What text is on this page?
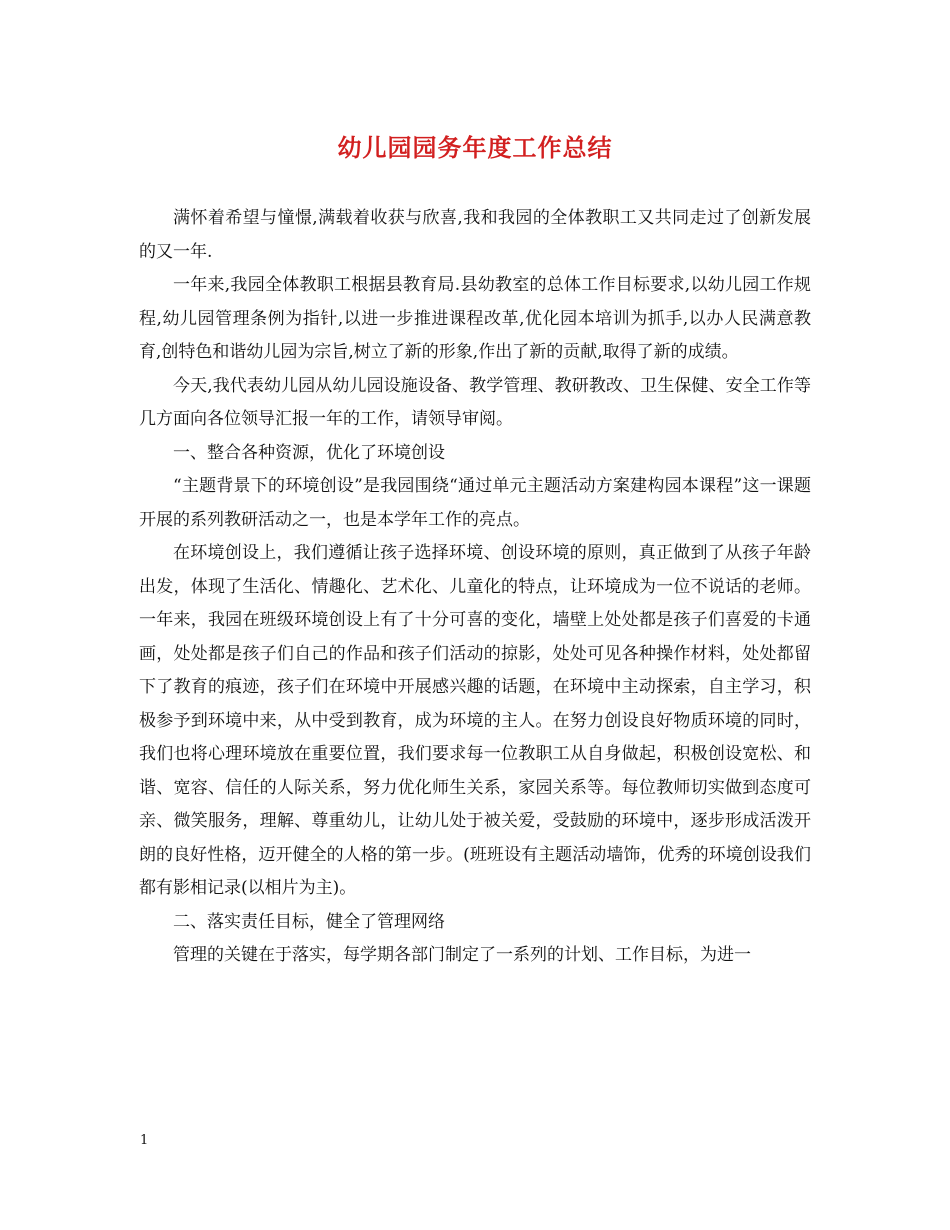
幼儿园园务年度工作总结

满怀着希望与憧憬,满载着收获与欣喜,我和我园的全体教职工又共同走过了创新发展的又一年.

一年来,我园全体教职工根据县教育局.县幼教室的总体工作目标要求,以幼儿园工作规程,幼儿园管理条例为指针,以进一步推进课程改革,优化园本培训为抓手,以办人民满意教育,创特色和谐幼儿园为宗旨,树立了新的形象,作出了新的贡献,取得了新的成绩。

今天,我代表幼儿园从幼儿园设施设备、教学管理、教研教改、卫生保健、安全工作等几方面向各位领导汇报一年的工作，请领导审阅。

一、整合各种资源，优化了环境创设

“主题背景下的环境创设”是我园围绕“通过单元主题活动方案建构园本课程”这一课题开展的系列教研活动之一，也是本学年工作的亮点。

在环境创设上，我们遵循让孩子选择环境、创设环境的原则，真正做到了从孩子年龄出发，体现了生活化、情趣化、艺术化、儿童化的特点，让环境成为一位不说话的老师。一年来，我园在班级环境创设上有了十分可喜的变化，墙壁上处处都是孩子们喜爱的卡通画，处处都是孩子们自己的作品和孩子们活动的掠影，处处可见各种操作材料，处处都留下了教育的痕迹，孩子们在环境中开展感兴趣的话题，在环境中主动探索，自主学习，积极参予到环境中来，从中受到教育，成为环境的主人。在努力创设良好物质环境的同时，我们也将心理环境放在重要位置，我们要求每一位教职工从自身做起，积极创设宽松、和谐、宽容、信任的人际关系，努力优化师生关系，家园关系等。每位教师切实做到态度可亲、微笑服务，理解、尊重幼儿，让幼儿处于被关爱，受鼓励的环境中，逐步形成活泼开朗的良好性格，迈开健全的人格的第一步。(班班设有主题活动墙饰，优秀的环境创设我们都有影相记录(以相片为主)。

二、落实责任目标，健全了管理网络

管理的关键在于落实，每学期各部门制定了一系列的计划、工作目标，为进一

1
